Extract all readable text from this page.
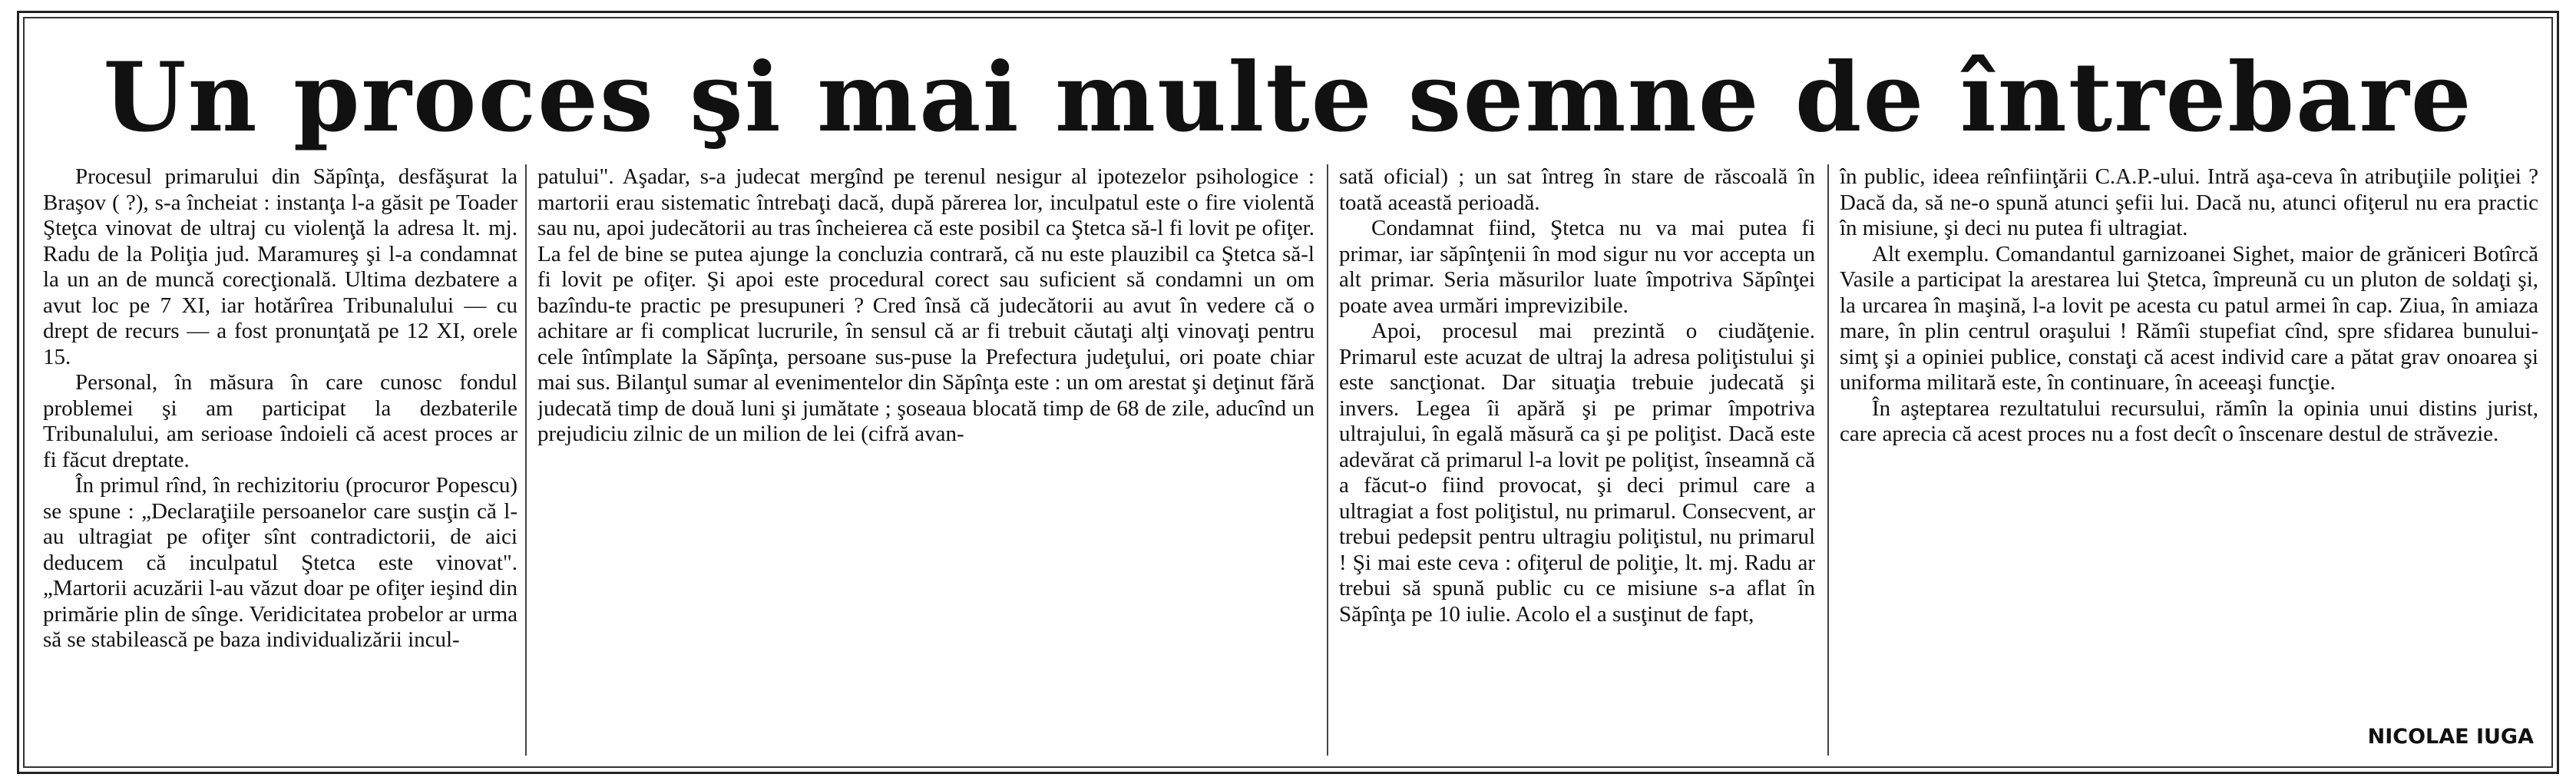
Un proces şi mai multe semne de întrebare

Procesul primarului din Săpînţa, desfăşurat la Braşov ( ?), s-a încheiat : instanţa l-a găsit pe Toader Şteţca vinovat de ultraj cu violenţă la adresa lt. mj. Radu de la Poliţia jud. Maramureş şi l-a condamnat la un an de muncă corecţională. Ultima dezbatere a avut loc pe 7 XI, iar hotărîrea Tribunalului — cu drept de recurs — a fost pronunţată pe 12 XI, orele 15.

Personal, în măsura în care cunosc fondul problemei şi am participat la dezbaterile Tribunalului, am serioase îndoieli că acest proces ar fi făcut dreptate.

În primul rînd, în rechizitoriu (procuror Popescu) se spune : „Declaraţiile persoanelor care susţin că l-au ultragiat pe ofiţer sînt contradictorii, de aici deducem că inculpatul Ştetca este vinovat". „Martorii acuzării l-au văzut doar pe ofiţer ieşind din primărie plin de sînge. Veridicitatea probelor ar urma să se stabilească pe baza individualizării incul-

patului". Aşadar, s-a judecat mergînd pe terenul nesigur al ipotezelor psihologice : martorii erau sistematic întrebaţi dacă, după părerea lor, inculpatul este o fire violentă sau nu, apoi judecătorii au tras încheierea că este posibil ca Ştetca să-l fi lovit pe ofiţer. La fel de bine se putea ajunge la concluzia contrară, că nu este plauzibil ca Ştetca să-l fi lovit pe ofiţer. Şi apoi este procedural corect sau suficient să condamni un om bazîndu-te practic pe presupuneri ? Cred însă că judecătorii au avut în vedere că o achitare ar fi complicat lucrurile, în sensul că ar fi trebuit căutaţi alţi vinovaţi pentru cele întîmplate la Săpînţa, persoane sus-puse la Prefectura judeţului, ori poate chiar mai sus. Bilanţul sumar al evenimentelor din Săpînţa este : un om arestat şi deţinut fără judecată timp de două luni şi jumătate ; şoseaua blocată timp de 68 de zile, aducînd un prejudiciu zilnic de un milion de lei (cifră avan-

sată oficial) ; un sat întreg în stare de răscoală în toată această perioadă.

Condamnat fiind, Ştetca nu va mai putea fi primar, iar săpînţenii în mod sigur nu vor accepta un alt primar. Seria măsurilor luate împotriva Săpînţei poate avea urmări imprevizibile.

Apoi, procesul mai prezintă o ciudăţenie. Primarul este acuzat de ultraj la adresa poliţistului şi este sancţionat. Dar situaţia trebuie judecată şi invers. Legea îi apără şi pe primar împotriva ultrajului, în egală măsură ca şi pe poliţist. Dacă este adevărat că primarul l-a lovit pe poliţist, înseamnă că a făcut-o fiind provocat, şi deci primul care a ultragiat a fost poliţistul, nu primarul. Consecvent, ar trebui pedepsit pentru ultragiu poliţistul, nu primarul ! Şi mai este ceva : ofiţerul de poliţie, lt. mj. Radu ar trebui să spună public cu ce misiune s-a aflat în Săpînţa pe 10 iulie. Acolo el a susţinut de fapt,

în public, ideea reînfiinţării C.A.P.-ului. Intră aşa-ceva în atribuţiile poliţiei ? Dacă da, să ne-o spună atunci şefii lui. Dacă nu, atunci ofiţerul nu era practic în misiune, şi deci nu putea fi ultragiat.

Alt exemplu. Comandantul garnizoanei Sighet, maior de grăniceri Botîrcă Vasile a participat la arestarea lui Ştetca, împreună cu un pluton de soldaţi şi, la urcarea în maşină, l-a lovit pe acesta cu patul armei în cap. Ziua, în amiaza mare, în plin centrul oraşului ! Rămîi stupefiat cînd, spre sfidarea bunului-simţ şi a opiniei publice, constaţi că acest individ care a pătat grav onoarea şi uniforma militară este, în continuare, în aceeaşi funcţie.

În aşteptarea rezultatului recursului, rămîn la opinia unui distins jurist, care aprecia că acest proces nu a fost decît o înscenare destul de străvezie.

NICOLAE IUGA
